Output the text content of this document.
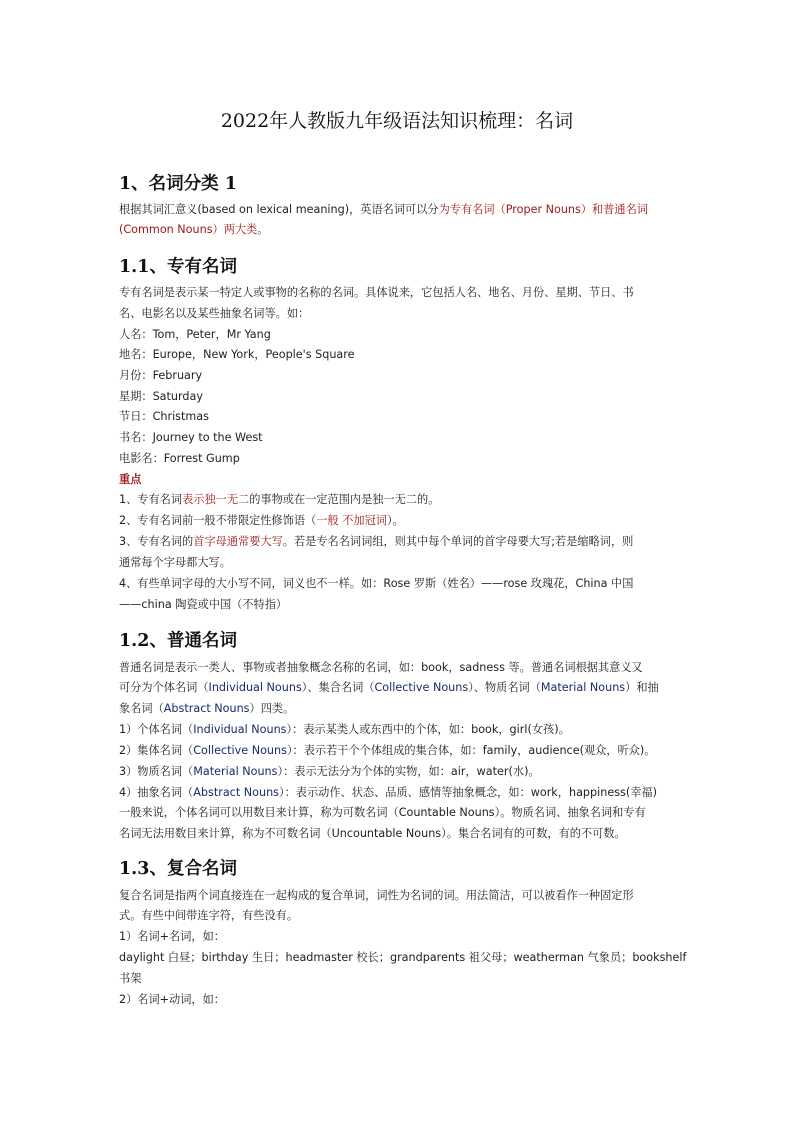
2022年人教版九年级语法知识梳理：名词
1、名词分类 1
根据其词汇意义(based on lexical meaning)，英语名词可以分为专有名词（Proper Nouns）和普通名词
(Common Nouns）两大类。
1.1、专有名词
专有名词是表示某一特定人或事物的名称的名词。具体说来，它包括人名、地名、月份、星期、节日、书
名、电影名以及某些抽象名词等。如：
人名：Tom，Peter，Mr Yang
地名：Europe，New York，People's Square
月份：February
星期：Saturday
节日：Christmas
书名：Journey to the West
电影名：Forrest Gump
重点
1、专有名词表示独一无二的事物或在一定范围内是独一无二的。
2、专有名词前一般不带限定性修饰语（一般 不加冠词）。
3、专有名词的首字母通常要大写。若是专名名词词组，则其中每个单词的首字母要大写;若是缩略词，则
通常每个字母都大写。
4、有些单词字母的大小写不同，词义也不一样。如：Rose 罗斯（姓名）——rose 玫瑰花，China 中国
——china 陶瓷或中国（不特指）
1.2、普通名词
普通名词是表示一类人、事物或者抽象概念名称的名词，如：book，sadness 等。普通名词根据其意义又
可分为个体名词（Individual Nouns）、集合名词（Collective Nouns）、物质名词（Material Nouns）和抽
象名词（Abstract Nouns）四类。
1）个体名词（Individual Nouns）：表示某类人或东西中的个体，如：book，girl(女孩)。
2）集体名词（Collective Nouns）：表示若干个个体组成的集合体，如：family，audience(观众，听众)。
3）物质名词（Material Nouns）：表示无法分为个体的实物，如：air，water(水)。
4）抽象名词（Abstract Nouns）：表示动作、状态、品质、感情等抽象概念，如：work，happiness(幸福)
一般来说，个体名词可以用数目来计算，称为可数名词（Countable Nouns）。物质名词、抽象名词和专有
名词无法用数目来计算，称为不可数名词（Uncountable Nouns）。集合名词有的可数，有的不可数。
1.3、复合名词
复合名词是指两个词直接连在一起构成的复合单词，词性为名词的词。用法简洁，可以被看作一种固定形
式。有些中间带连字符，有些没有。
1）名词+名词，如：
daylight 白昼；birthday 生日；headmaster 校长；grandparents 祖父母；weatherman 气象员；bookshelf
书架
2）名词+动词，如：
